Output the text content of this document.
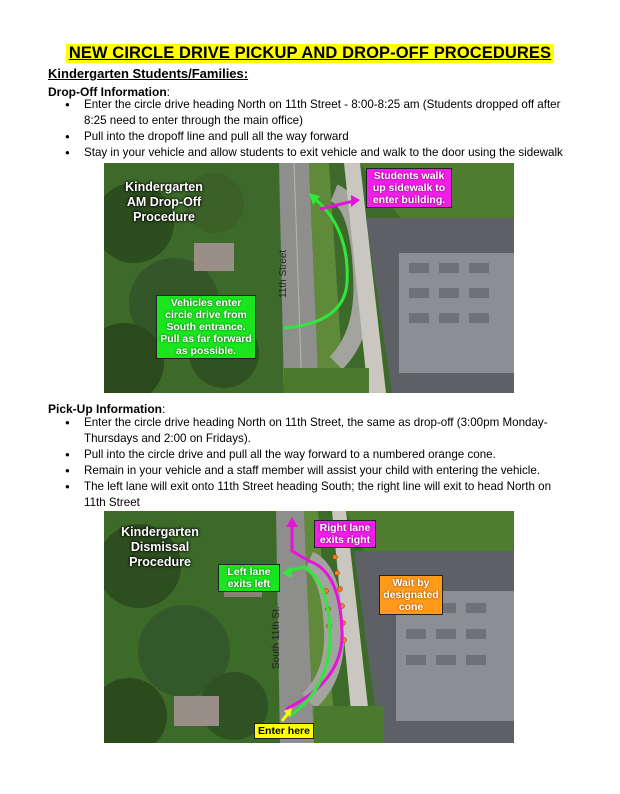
NEW CIRCLE DRIVE PICKUP AND DROP-OFF PROCEDURES
Kindergarten Students/Families:
Drop-Off Information:
● Enter the circle drive heading North on 11th Street - 8:00-8:25 am (Students dropped off after 8:25 need to enter through the main office)
● Pull into the dropoff line and pull all the way forward
● Stay in your vehicle and allow students to exit vehicle and walk to the door using the sidewalk
Kindergarten AM Drop-Off Procedure
11th Street
Vehicles enter circle drive from South entrance. Pull as far forward as possible.
Students walk up sidewalk to enter building.
Pick-Up Information:
● Enter the circle drive heading North on 11th Street, the same as drop-off (3:00pm Monday-Thursdays and 2:00 on Fridays).
● Pull into the circle drive and pull all the way forward to a numbered orange cone.
● Remain in your vehicle and a staff member will assist your child with entering the vehicle.
● The left lane will exit onto 11th Street heading South; the right line will exit to head North on 11th Street
Kindergarten Dismissal Procedure
South 11th St.
Right lane exits right
Left lane exits left	Wait by designated cone
Enter here
